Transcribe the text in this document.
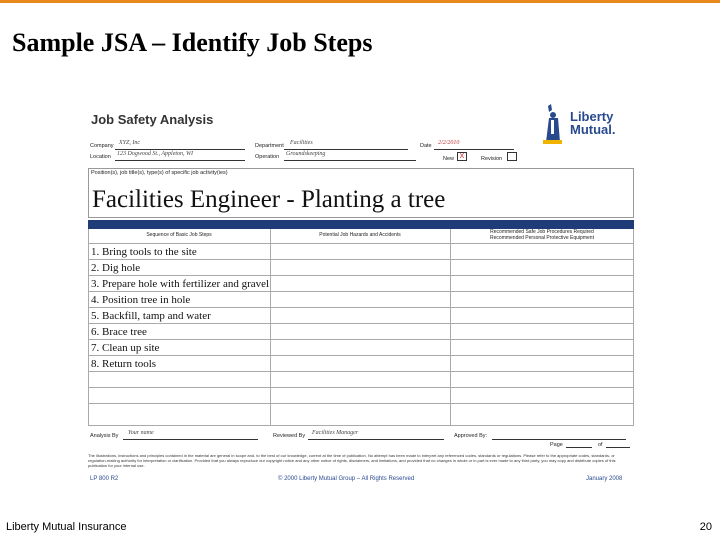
Sample JSA – Identify Job Steps
Job Safety Analysis	Liberty
Mutual.
Company XYZ, Inc	Department Facilities	Date 2/2/2010
Location 123 Dogwood St., Appleton, WI	Operation Groundskeeping
New X	Revision
Position(s), job title(s), type(s) of specific job activity(ies)
Facilities Engineer - Planting a tree
Sequence of Basic Job Steps	Potential Job Hazards and Accidents	Recommended Safe Job Procedures Required
Recommended Personal Protective Equipment
1. Bring tools to the site
2. Dig hole
3. Prepare hole with fertilizer and gravel
4. Position tree in hole
5. Backfill, tamp and water
6. Brace tree
7. Clean up site
8. Return tools
Analysis By Your name	Reviewed By Facilities Manager	Approved By:
Page	of
The illustrations, instructions and principles contained in the material are general in scope and, to the best of our knowledge, current at the time of publication. No attempt has been made to interpret any referenced codes, standards or regulations. Please refer to the appropriate codes, standards, or regulation-making authority for interpretation or clarification. Provided that you always reproduce our copyright notice and any other notice of rights, disclaimers, and limitations, and provided that no changes in whole or in part is ever made to any third party, you may copy and distribute copies of this publication for your internal use.
LP 800 R2	© 2000 Liberty Mutual Group – All Rights Reserved	January 2008
Liberty Mutual Insurance	20
